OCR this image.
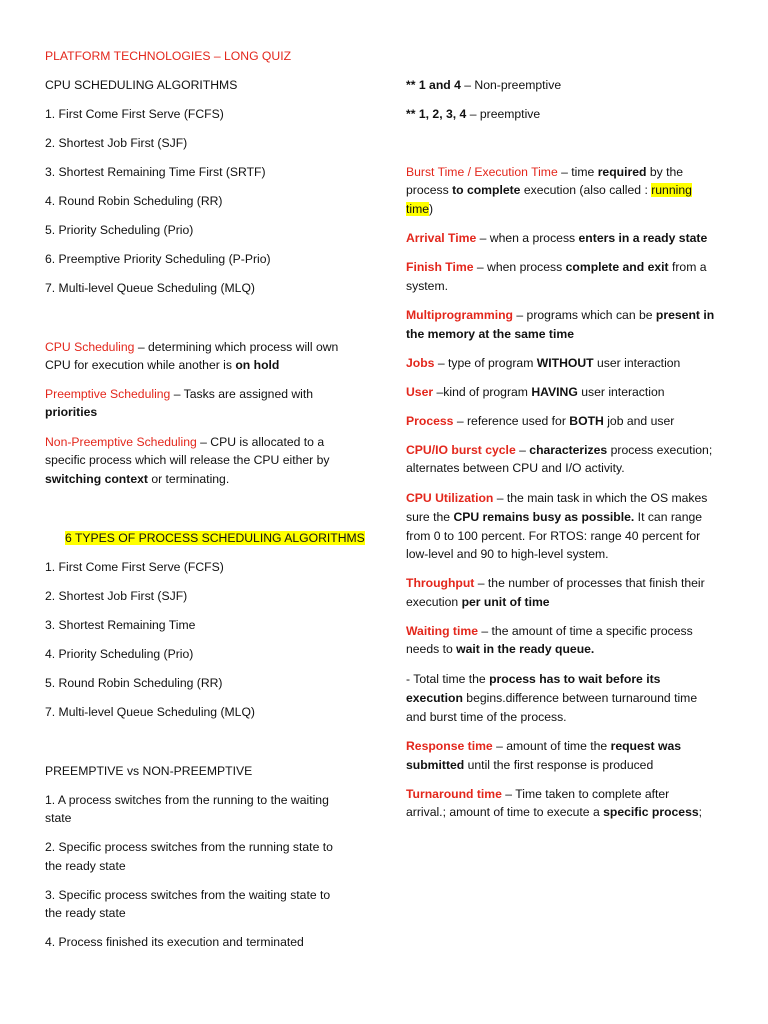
PLATFORM TECHNOLOGIES – LONG QUIZ
CPU SCHEDULING ALGORITHMS
1. First Come First Serve (FCFS)
2. Shortest Job First (SJF)
3. Shortest Remaining Time First (SRTF)
4. Round Robin Scheduling (RR)
5. Priority Scheduling (Prio)
6. Preemptive Priority Scheduling (P-Prio)
7. Multi-level Queue Scheduling (MLQ)
CPU Scheduling – determining which process will own
CPU for execution while another is on hold
Preemptive Scheduling – Tasks are assigned with
priorities
Non-Preemptive Scheduling – CPU is allocated to a
specific process which will release the CPU either by
switching context or terminating.
6 TYPES OF PROCESS SCHEDULING ALGORITHMS
1. First Come First Serve (FCFS)
2. Shortest Job First (SJF)
3. Shortest Remaining Time
4. Priority Scheduling (Prio)
5. Round Robin Scheduling (RR)
7. Multi-level Queue Scheduling (MLQ)
PREEMPTIVE vs NON-PREEMPTIVE
1. A process switches from the running to the waiting
state
2. Specific process switches from the running state to
the ready state
3. Specific process switches from the waiting state to
the ready state
4. Process finished its execution and terminated
** 1 and 4 – Non-preemptive
** 1, 2, 3, 4 – preemptive
Burst Time / Execution Time – time required by the
process to complete execution (also called : running
time)
Arrival Time – when a process enters in a ready state
Finish Time – when process complete and exit from a
system.
Multiprogramming – programs which can be present in
the memory at the same time
Jobs – type of program WITHOUT user interaction
User –kind of program HAVING user interaction
Process – reference used for BOTH job and user
CPU/IO burst cycle – characterizes process execution;
alternates between CPU and I/O activity.
CPU Utilization – the main task in which the OS makes
sure the CPU remains busy as possible. It can range
from 0 to 100 percent. For RTOS: range 40 percent for
low-level and 90 to high-level system.
Throughput – the number of processes that finish their
execution per unit of time
Waiting time – the amount of time a specific process
needs to wait in the ready queue.
- Total time the process has to wait before its
execution begins.difference between turnaround time
and burst time of the process.
Response time – amount of time the request was
submitted until the first response is produced
Turnaround time – Time taken to complete after
arrival.; amount of time to execute a specific process;
